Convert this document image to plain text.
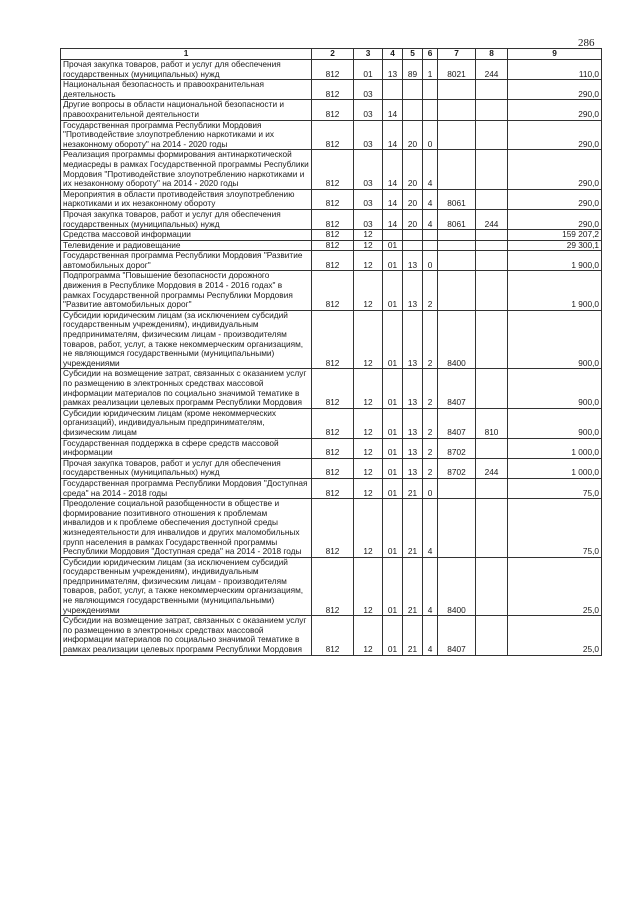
286
1	2	3	4	5	6	7	8	9
Прочая закупка товаров, работ и услуг для обеспечения государственных (муниципальных) нужд	812	01	13	89	1	8021	244	110,0
Национальная безопасность и правоохранительная деятельность	812	03						290,0
Другие вопросы в области национальной безопасности и правоохранительной деятельности	812	03	14					290,0
Государственная программа Республики Мордовия "Противодействие злоупотреблению наркотиками и их незаконному обороту" на 2014 - 2020 годы	812	03	14	20	0			290,0
Реализация программы формирования антинаркотической медиасреды в рамках Государственной программы Республики Мордовия "Противодействие злоупотреблению наркотиками и их незаконному обороту" на 2014 - 2020 годы	812	03	14	20	4			290,0
Мероприятия в области противодействия злоупотреблению наркотиками и их незаконному обороту	812	03	14	20	4	8061		290,0
Прочая закупка товаров, работ и услуг для обеспечения государственных (муниципальных) нужд	812	03	14	20	4	8061	244	290,0
Средства массовой информации	812	12						159 207,2
Телевидение и радиовещание	812	12	01					29 300,1
Государственная программа Республики Мордовия "Развитие автомобильных дорог"	812	12	01	13	0			1 900,0
Подпрограмма "Повышение безопасности дорожного движения в Республике Мордовия в 2014 - 2016 годах" в рамках Государственной программы Республики Мордовия "Развитие автомобильных дорог"	812	12	01	13	2			1 900,0
Субсидии юридическим лицам (за исключением субсидий государственным учреждениям), индивидуальным предпринимателям, физическим лицам - производителям товаров, работ, услуг, а также некоммерческим организациям, не являющимся государственными (муниципальными) учреждениями	812	12	01	13	2	8400		900,0
Субсидии на возмещение затрат, связанных с оказанием услуг по размещению в электронных средствах массовой информации материалов по социально значимой тематике в рамках реализации целевых программ Республики Мордовия	812	12	01	13	2	8407		900,0
Субсидии юридическим лицам (кроме некоммерческих организаций), индивидуальным предпринимателям, физическим лицам	812	12	01	13	2	8407	810	900,0
Государственная поддержка в сфере средств массовой информации	812	12	01	13	2	8702		1 000,0
Прочая закупка товаров, работ и услуг для обеспечения государственных (муниципальных) нужд	812	12	01	13	2	8702	244	1 000,0
Государственная программа Республики Мордовия "Доступная среда" на 2014 - 2018 годы	812	12	01	21	0			75,0
Преодоление социальной разобщенности в обществе и формирование позитивного отношения к проблемам инвалидов и к проблеме обеспечения доступной среды жизнедеятельности для инвалидов и других маломобильных групп населения в рамках Государственной программы Республики Мордовия "Доступная среда" на 2014 - 2018 годы	812	12	01	21	4			75,0
Субсидии юридическим лицам (за исключением субсидий государственным учреждениям), индивидуальным предпринимателям, физическим лицам - производителям товаров, работ, услуг, а также некоммерческим организациям, не являющимся государственными (муниципальными) учреждениями	812	12	01	21	4	8400		25,0
Субсидии на возмещение затрат, связанных с оказанием услуг по размещению в электронных средствах массовой информации материалов по социально значимой тематике в рамках реализации целевых программ Республики Мордовия	812	12	01	21	4	8407		25,0
